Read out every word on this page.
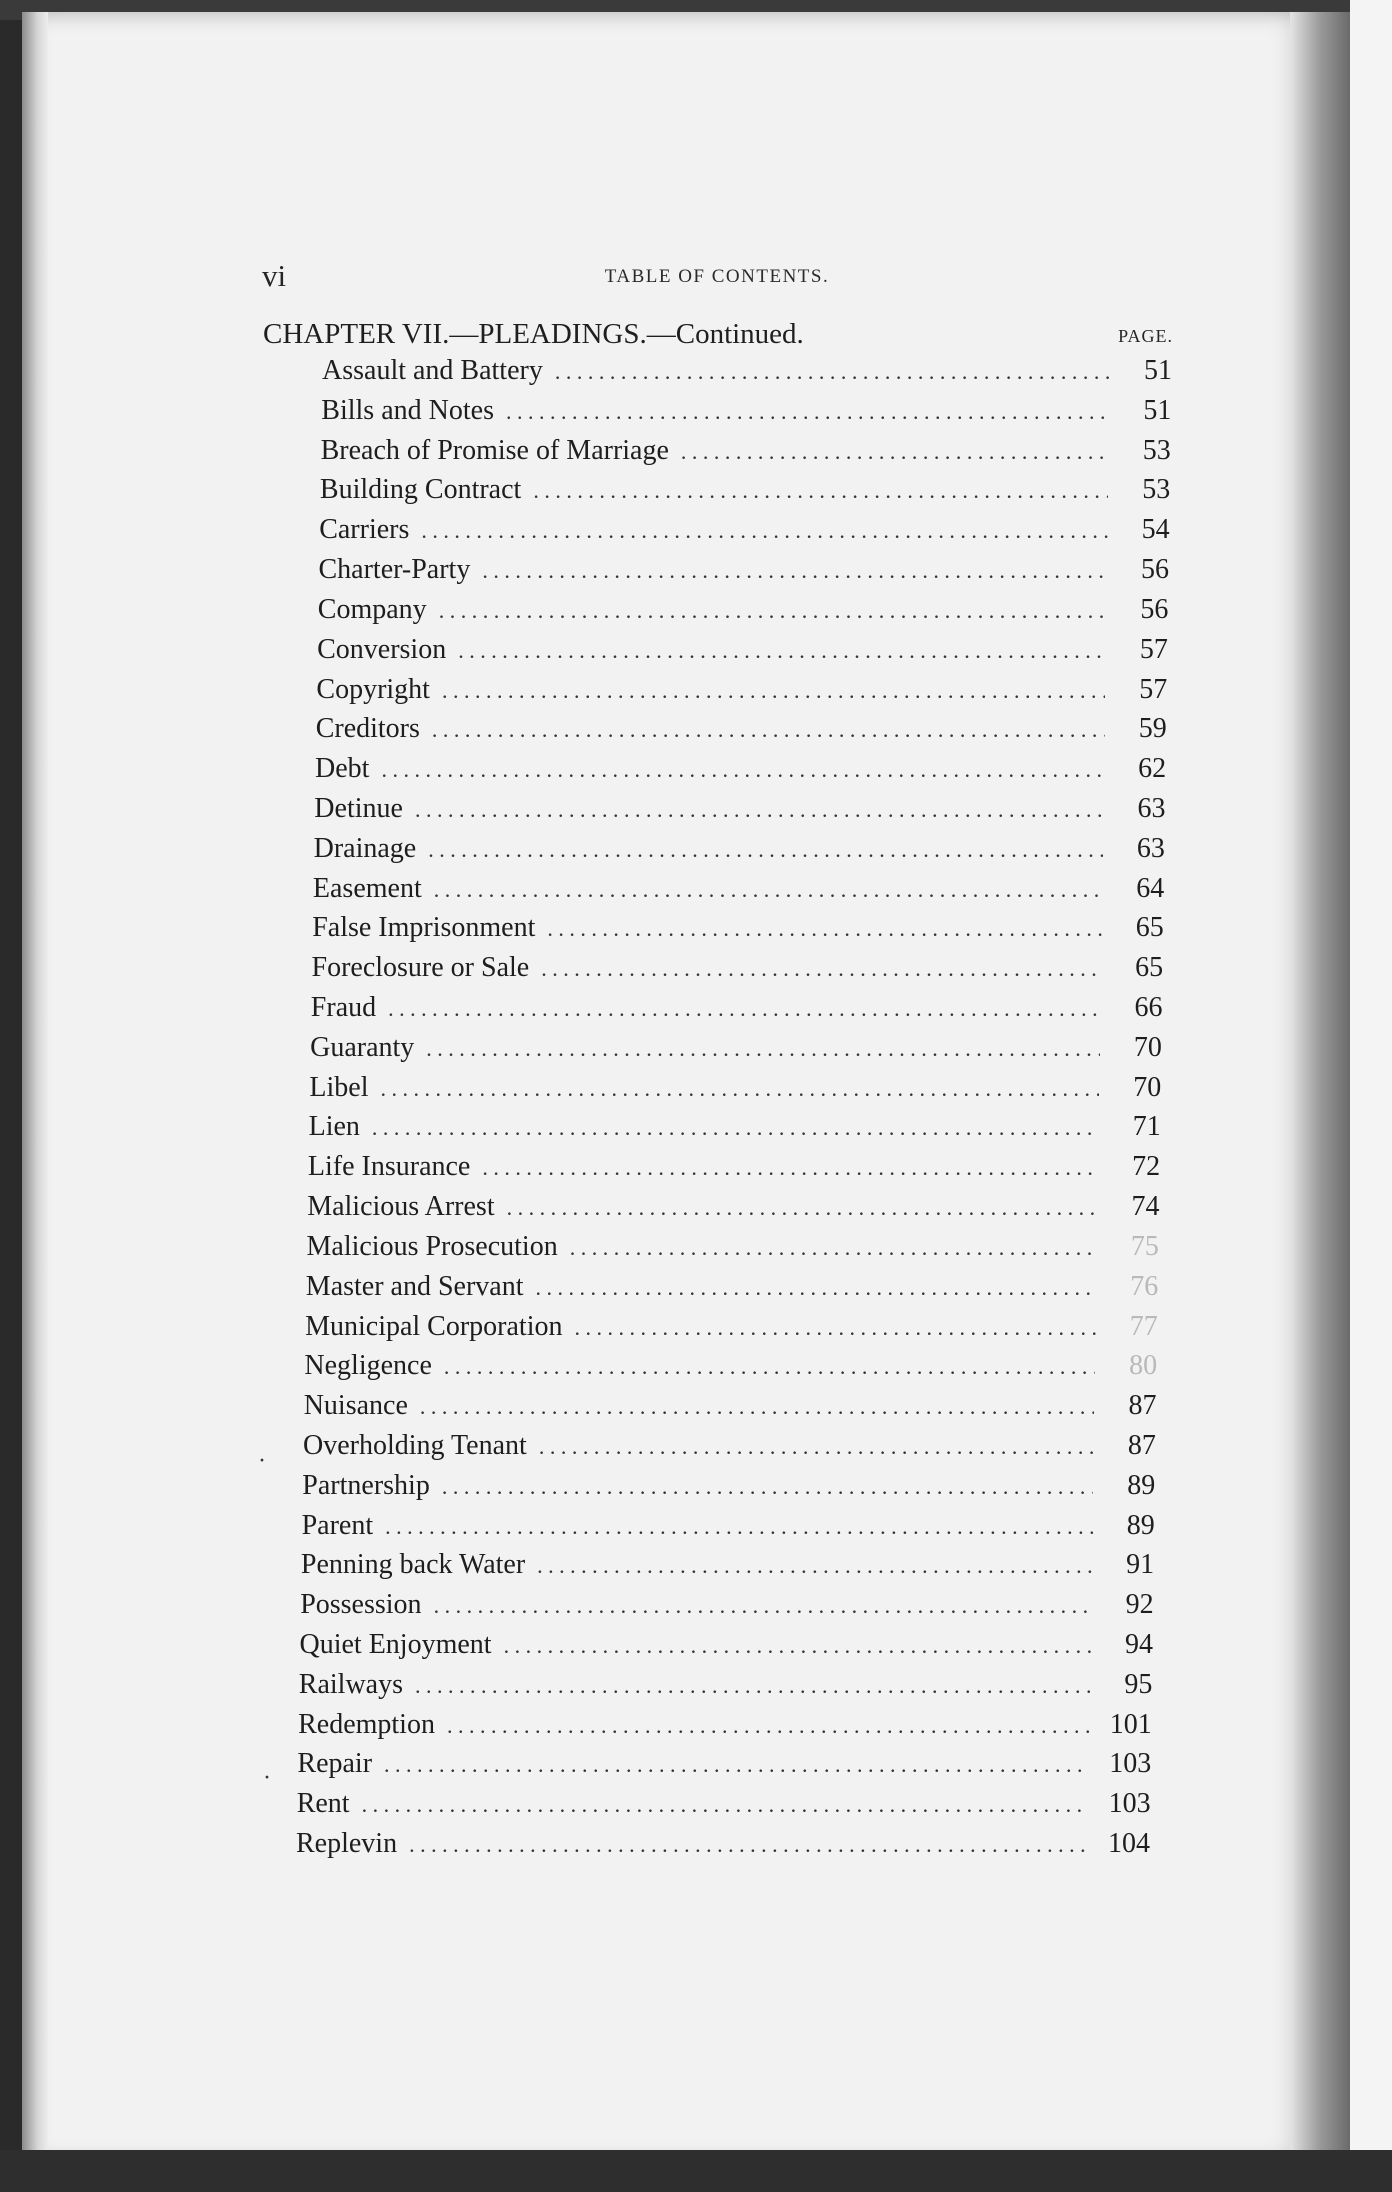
vi	TABLE OF CONTENTS.
CHAPTER VII.—PLEADINGS.—Continued.	PAGE.
Assault and Battery . . .	51
Bills and Notes . . .	51
Breach of Promise of Marriage . . .	53
Building Contract . . .	53
Carriers . . .	54
Charter-Party . . .	56
Company . . .	56
Conversion . . .	57
Copyright . . .	57
Creditors . . .	59
Debt . . .	62
Detinue . . .	63
Drainage . . .	63
Easement . . .	64
False Imprisonment . . .	65
Foreclosure or Sale . . .	65
Fraud . . .	66
Guaranty . . .	70
Libel . . .	70
Lien . . .	71
Life Insurance . . .	72
Malicious Arrest . . .	74
Malicious Prosecution . . .	75
Master and Servant . . .	76
Municipal Corporation . . .	77
Negligence . . .	80
Nuisance . . .	87
Overholding Tenant . . .	87
Partnership . . .	89
Parent . . .	89
Penning back Water . . .	91
Possession . . .	92
Quiet Enjoyment . . .	94
Railways . . .	95
Redemption . . .	101
Repair . . .	103
Rent . . .	103
Replevin . . .	104
·
·
